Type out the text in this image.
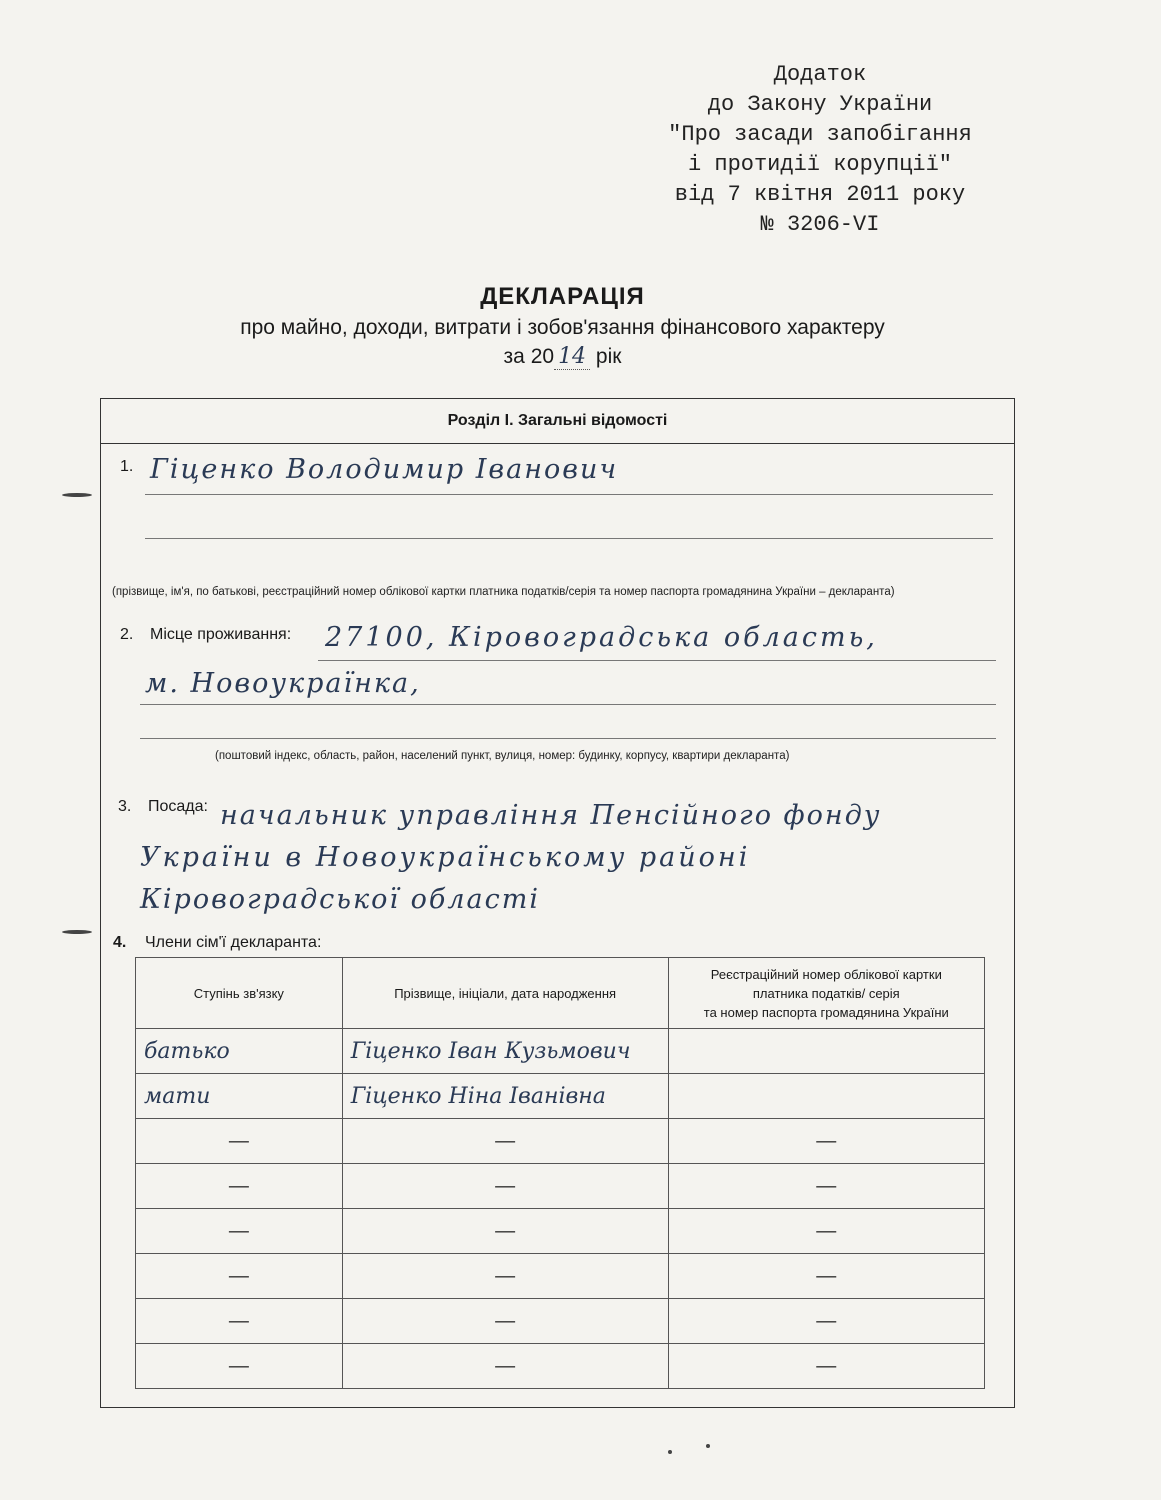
Додаток
до Закону України
"Про засади запобігання
і протидії корупції"
від 7 квітня 2011 року
№ 3206-VI
ДЕКЛАРАЦІЯ
про майно, доходи, витрати і зобов'язання фінансового характеру
за 20 14 рік
Розділ I. Загальні відомості
1. Гіценко Володимир Іванович
(прізвище, ім'я, по батькові, реєстраційний номер облікової картки платника податків/серія та номер паспорта громадянина України – декларанта)
2. Місце проживання: 27100, Кіровоградська область,
м. Новоукраїнка,
(поштовий індекс, область, район, населений пункт, вулиця, номер: будинку, корпусу, квартири декларанта)
3. Посада: начальник управління Пенсійного фонду
України в Новоукраїнському районі
Кіровоградської області
4. Члени сім'ї декларанта:
Ступінь зв'язку	Прізвище, ініціали, дата народження	Реєстраційний номер облікової картки
платника податків/ серія
та номер паспорта громадянина України

батько	Гіценко Іван Кузьмович	
мати	Гіценко Ніна Іванівна	
—	—	—
—	—	—
—	—	—
—	—	—
—	—	—
—	—	—
